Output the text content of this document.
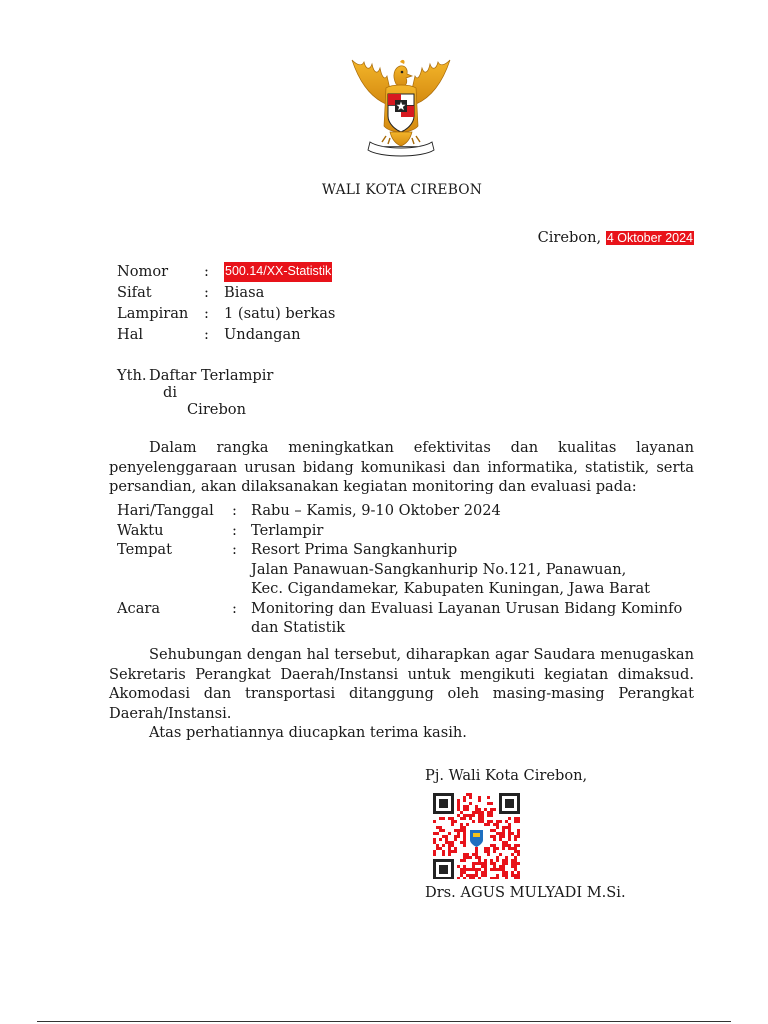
WALI KOTA CIREBON
Cirebon, 4 Oktober 2024
Nomor : 500.14/XX-Statistik
Sifat	: Biasa
Lampiran : 1 (satu) berkas
Hal	: Undangan
Yth. Daftar Terlampir
di
Cirebon
Dalam rangka meningkatkan efektivitas dan kualitas layanan penyelenggaraan urusan bidang komunikasi dan informatika, statistik, serta persandian, akan dilaksanakan kegiatan monitoring dan evaluasi pada:
Hari/Tanggal : Rabu – Kamis, 9-10 Oktober 2024
Waktu	: Terlampir
Tempat	: Resort Prima Sangkanhurip
Jalan Panawuan-Sangkanhurip No.121, Panawuan,
Kec. Cigandamekar, Kabupaten Kuningan, Jawa Barat
Acara	: Monitoring dan Evaluasi Layanan Urusan Bidang Kominfo
dan Statistik
Sehubungan dengan hal tersebut, diharapkan agar Saudara menugaskan Sekretaris Perangkat Daerah/Instansi untuk mengikuti kegiatan dimaksud. Akomodasi dan transportasi ditanggung oleh masing-masing Perangkat Daerah/Instansi.
Atas perhatiannya diucapkan terima kasih.
Pj. Wali Kota Cirebon,
Drs. AGUS MULYADI M.Si.
